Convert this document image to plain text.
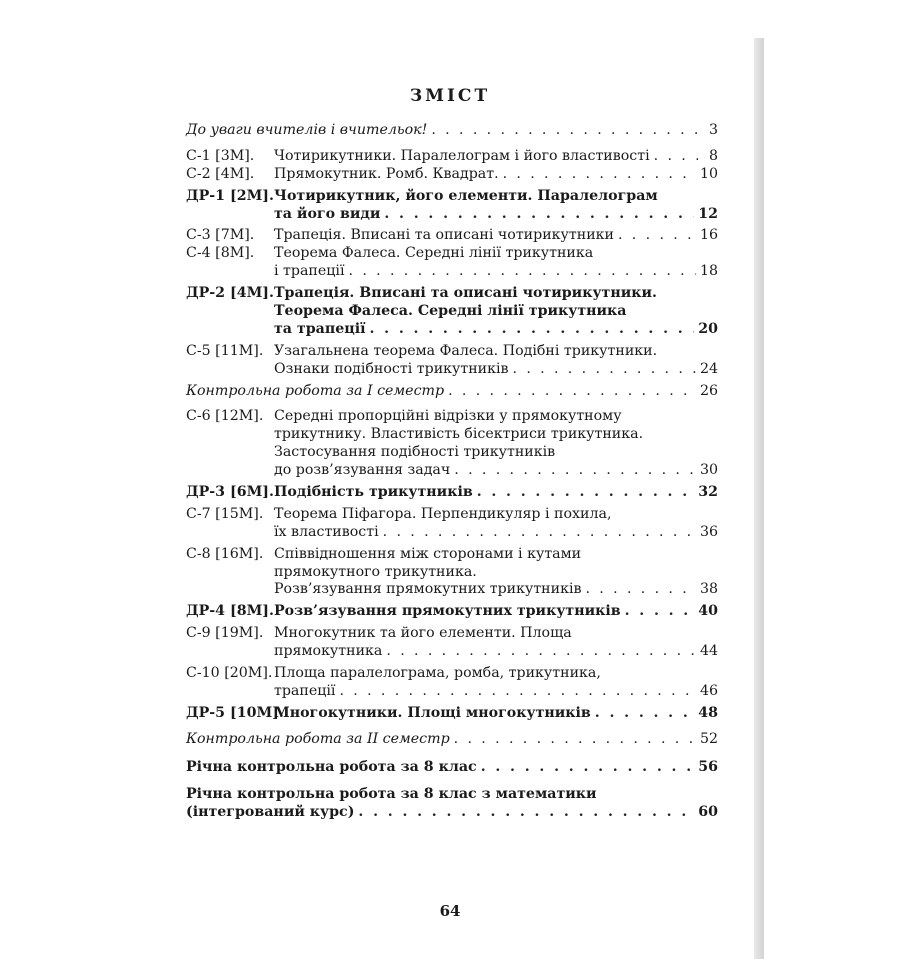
ЗМІСТ
До уваги вчителів і вчительок! . . .	3
С-1 [3М].	Чотирикутники. Паралелограм і його властивості . . .	8
С-2 [4М].	Прямокутник. Ромб. Квадрат. . . .	10
ДР-1 [2М]. Чотирикутник, його елементи. Паралелограм
та його види . . .	12
С-3 [7М].	Трапеція. Вписані та описані чотирикутники . . .	16
С-4 [8М].	Теорема Фалеса. Середні лінії трикутника
і трапеції . . .	18
ДР-2 [4М]. Трапеція. Вписані та описані чотирикутники.
Теорема Фалеса. Середні лінії трикутника
та трапеції . . .	20
С-5 [11М]. Узагальнена теорема Фалеса. Подібні трикутники.
Ознаки подібності трикутників . . .	24
Контрольна робота за I семестр . . .	26
С-6 [12М]. Середні пропорційні відрізки у прямокутному
трикутнику. Властивість бісектриси трикутника.
Застосування подібності трикутників
до розв’язування задач . . .	30
ДР-3 [6М]. Подібність трикутників . . .	32
С-7 [15М]. Теорема Піфагора. Перпендикуляр і похила,
їх властивості . . .	36
С-8 [16М]. Співвідношення між сторонами і кутами
прямокутного трикутника.
Розв’язування прямокутних трикутників . . .	38
ДР-4 [8М]. Розв’язування прямокутних трикутників . . .	40
С-9 [19М]. Многокутник та його елементи. Площа
прямокутника . . .	44
С-10 [20М]. Площа паралелограма, ромба, трикутника,
трапеції . . .	46
ДР-5 [10М].
Многокутники. Площі многокутників . . .	48
Контрольна робота за II семестр . . .	52
Річна контрольна робота за 8 клас . . .	56
Річна контрольна робота за 8 клас з математики
(інтегрований курс) . . .	60
64
